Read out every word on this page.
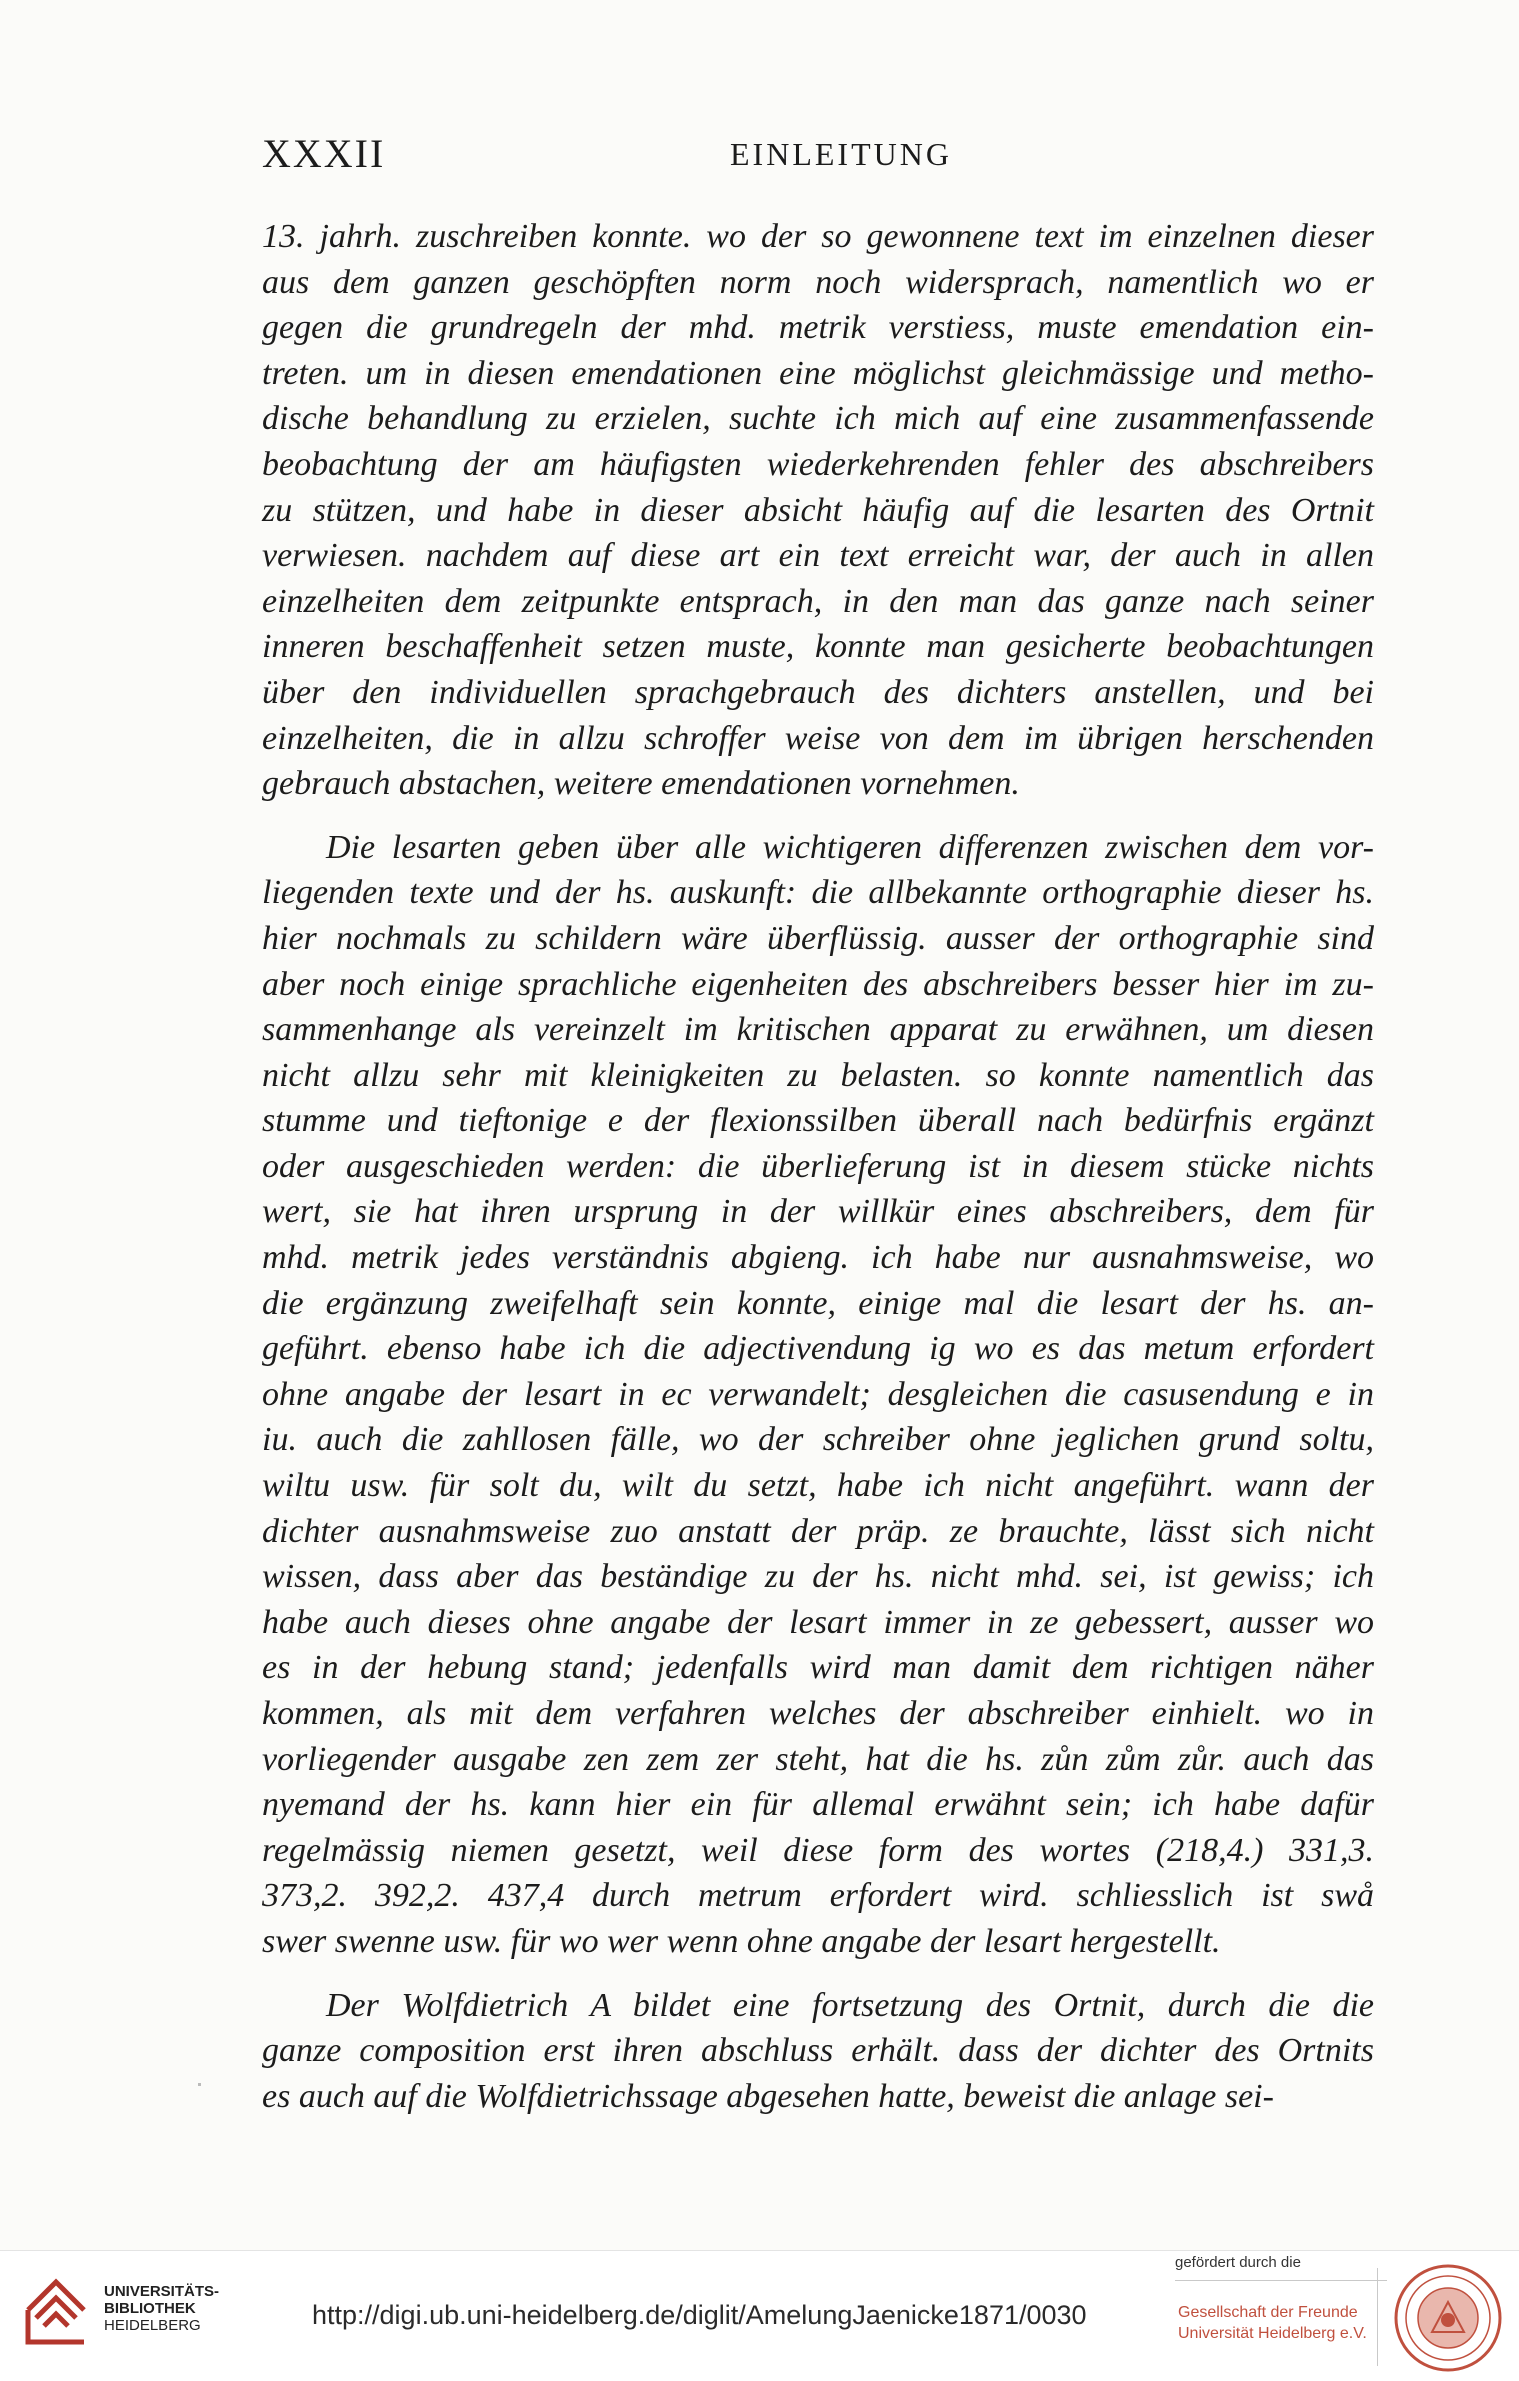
XXXII	EINLEITUNG
13. jahrh. zuschreiben konnte. wo der so gewonnene text im einzelnen dieser
aus dem ganzen geschöpften norm noch widersprach, namentlich wo er
gegen die grundregeln der mhd. metrik verstiess, muste emendation ein-
treten. um in diesen emendationen eine möglichst gleichmässige und metho-
dische behandlung zu erzielen, suchte ich mich auf eine zusammenfassende
beobachtung der am häufigsten wiederkehrenden fehler des abschreibers
zu stützen, und habe in dieser absicht häufig auf die lesarten des Ortnit
verwiesen. nachdem auf diese art ein text erreicht war, der auch in allen
einzelheiten dem zeitpunkte entsprach, in den man das ganze nach seiner
inneren beschaffenheit setzen muste, konnte man gesicherte beobachtungen
über den individuellen sprachgebrauch des dichters anstellen, und bei
einzelheiten, die in allzu schroffer weise von dem im übrigen herschenden
gebrauch abstachen, weitere emendationen vornehmen.
Die lesarten geben über alle wichtigeren differenzen zwischen dem vor-
liegenden texte und der hs. auskunft: die allbekannte orthographie dieser hs.
hier nochmals zu schildern wäre überflüssig. ausser der orthographie sind
aber noch einige sprachliche eigenheiten des abschreibers besser hier im zu-
sammenhange als vereinzelt im kritischen apparat zu erwähnen, um diesen
nicht allzu sehr mit kleinigkeiten zu belasten. so konnte namentlich das
stumme und tieftonige e der flexionssilben überall nach bedürfnis ergänzt
oder ausgeschieden werden: die überlieferung ist in diesem stücke nichts
wert, sie hat ihren ursprung in der willkür eines abschreibers, dem für
mhd. metrik jedes verständnis abgieng. ich habe nur ausnahmsweise, wo
die ergänzung zweifelhaft sein konnte, einige mal die lesart der hs. an-
geführt. ebenso habe ich die adjectivendung ig wo es das metum erfordert
ohne angabe der lesart in ec verwandelt; desgleichen die casusendung e in
iu. auch die zahllosen fälle, wo der schreiber ohne jeglichen grund soltu,
wiltu usw. für solt du, wilt du setzt, habe ich nicht angeführt. wann der
dichter ausnahmsweise zuo anstatt der präp. ze brauchte, lässt sich nicht
wissen, dass aber das beständige zu der hs. nicht mhd. sei, ist gewiss; ich
habe auch dieses ohne angabe der lesart immer in ze gebessert, ausser wo
es in der hebung stand; jedenfalls wird man damit dem richtigen näher
kommen, als mit dem verfahren welches der abschreiber einhielt. wo in
vorliegender ausgabe zen zem zer steht, hat die hs. zůn zům zůr. auch das
nyemand der hs. kann hier ein für allemal erwähnt sein; ich habe dafür
regelmässig niemen gesetzt, weil diese form des wortes (218,4.) 331,3.
373,2. 392,2. 437,4 durch metrum erfordert wird. schliesslich ist swå
swer swenne usw. für wo wer wenn ohne angabe der lesart hergestellt.
Der Wolfdietrich A bildet eine fortsetzung des Ortnit, durch die die
ganze composition erst ihren abschluss erhält. dass der dichter des Ortnits
es auch auf die Wolfdietrichssage abgesehen hatte, beweist die anlage sei-
UNIVERSITÄTS-
BIBLIOTHEK
HEIDELBERG	http://digi.ub.uni-heidelberg.de/diglit/AmelungJaenicke1871/0030
gefördert durch die
Gesellschaft der Freunde
Universität Heidelberg e.V.
